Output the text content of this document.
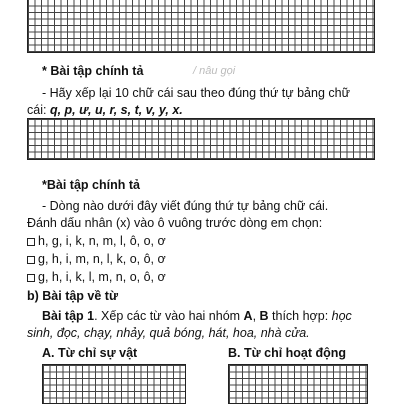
* Bài tập chính tả	/ nâu gọi
- Hãy xếp lại 10 chữ cái sau theo đúng thứ tự bảng chữ
cái: q, p, ư, u, r, s, t, v, y, x.
*Bài tập chính tả
- Dòng nào dưới đây viết đúng thứ tự bảng chữ cái.
Đánh dấu nhân (x) vào ô vuông trước dòng em chọn:
h, g, i, k, n, m, l, ô, o, ơ
g, h, i, m, n, l, k, o, ô, ơ
g, h, i, k, l, m, n, o, ô, ơ
b) Bài tập về từ
Bài tập 1. Xếp các từ vào hai nhóm A, B thích hợp: học
sinh, đọc, chạy, nhảy, quả bóng, hát, hoa, nhà cửa.
A. Từ chỉ sự vật	B. Từ chỉ hoạt động
